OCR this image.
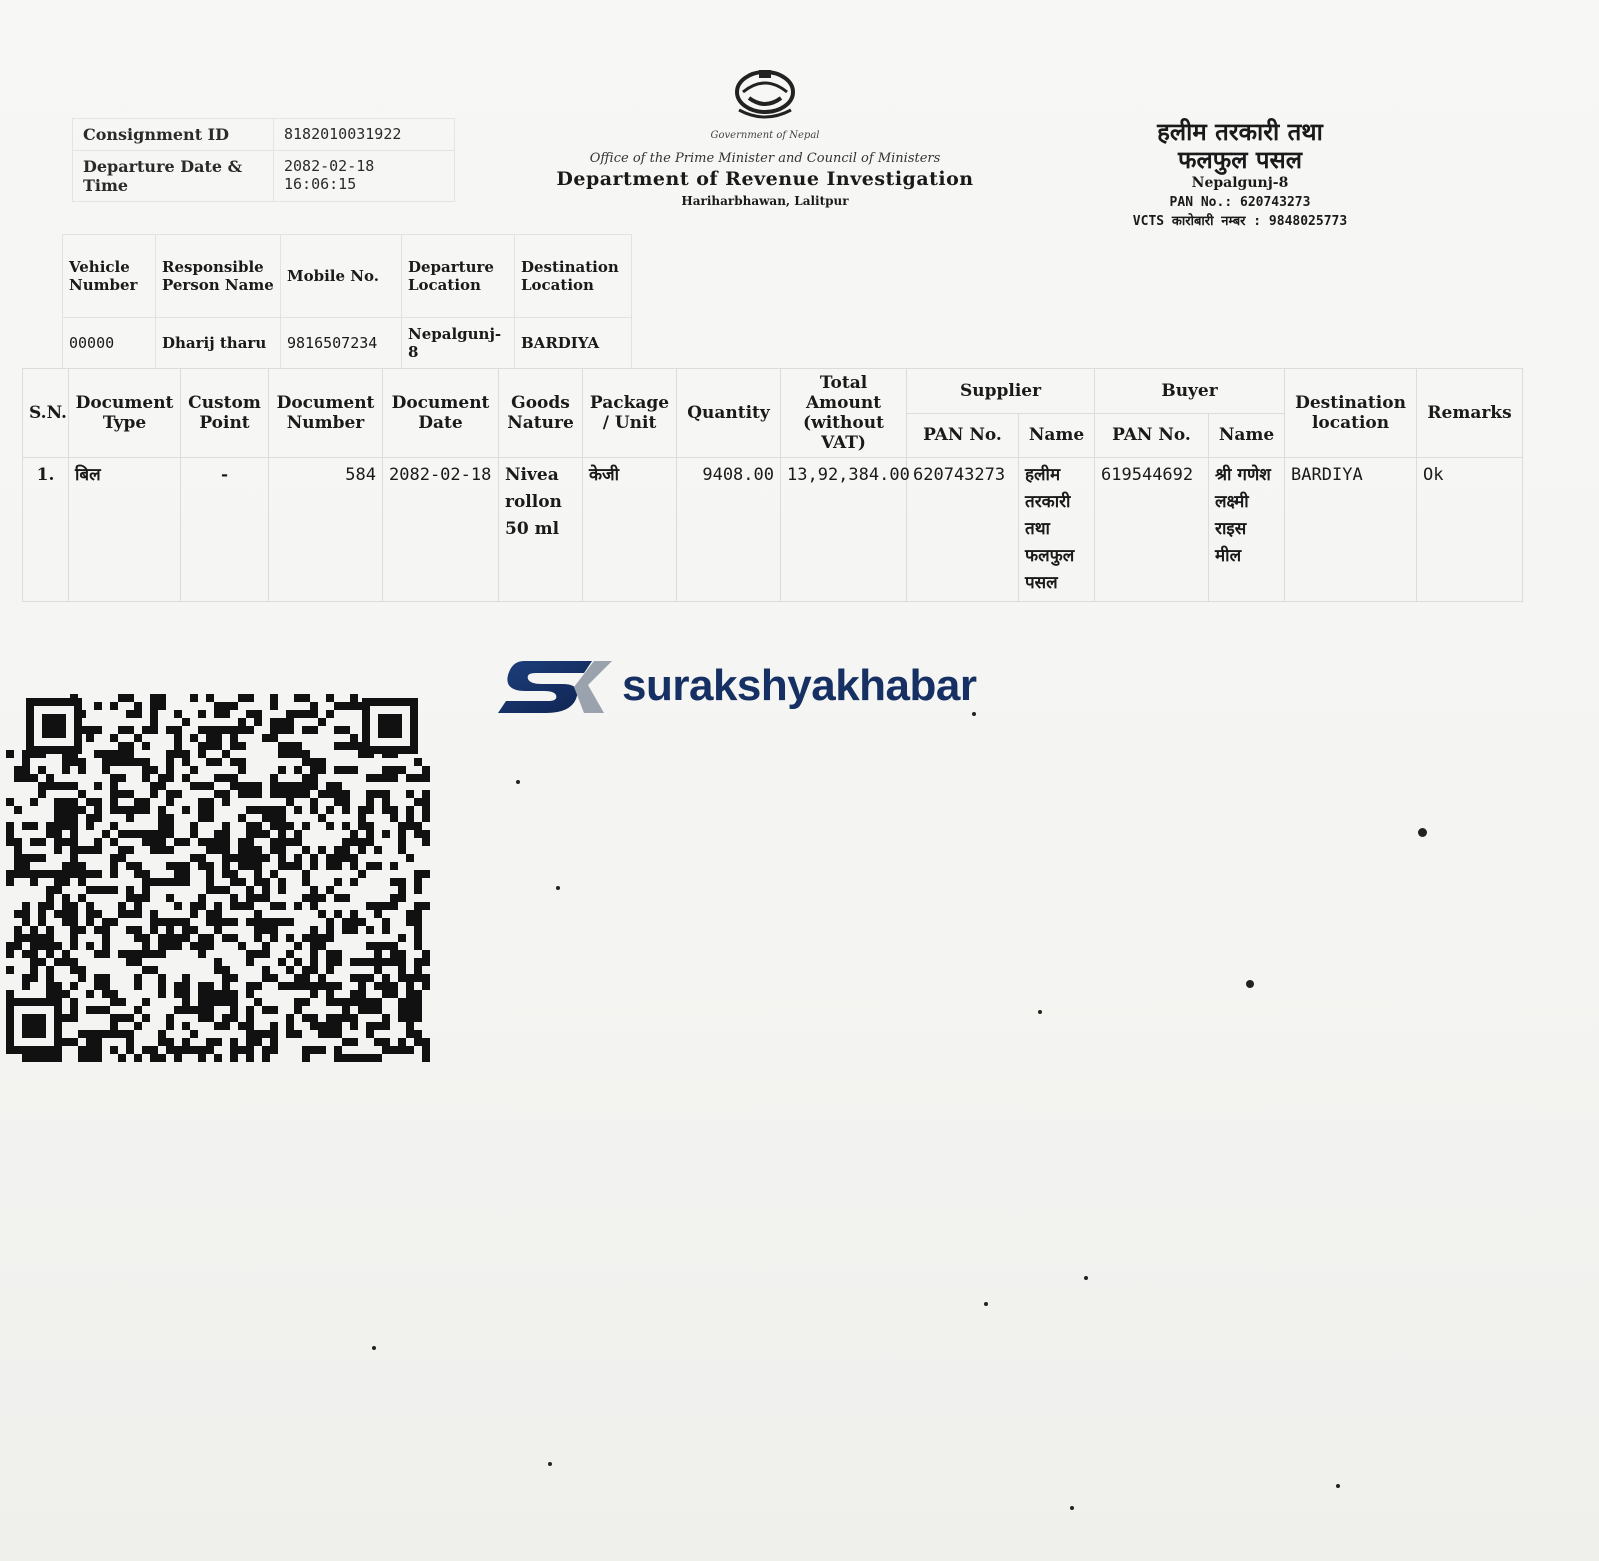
Consignment ID	8182010031922
Departure Date & Time	2082-02-18
16:06:15
Government of Nepal
Office of the Prime Minister and Council of Ministers
Department of Revenue Investigation
Hariharbhawan, Lalitpur
हलीम तरकारी तथा
फलफुल पसल
Nepalgunj-8
PAN No.: 620743273
VCTS कारोबारी नम्बर : 9848025773
Vehicle Number	Responsible Person Name	Mobile No.	Departure Location	Destination Location
00000	Dharij tharu	9816507234	Nepalgunj-8	BARDIYA
S.N.	Document Type	Custom Point	Document Number	Document Date	Goods Nature	Package / Unit	Quantity	Total Amount (without VAT)	Supplier		Buyer		Destination location	Remarks
									PAN No.	Name	PAN No.	Name		
1.	बिल	-	584	2082-02-18	Nivea rollon 50 ml	केजी	9408.00	13,92,384.00	620743273	हलीम तरकारी तथा फलफुल पसल	619544692	श्री गणेश लक्ष्मी राइस मील	BARDIYA	Ok
surakshyakhabar
